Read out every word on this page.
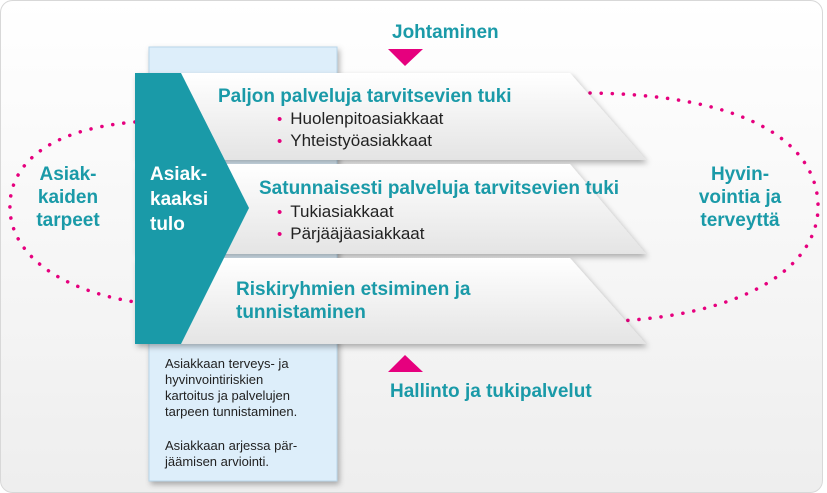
Johtaminen
Hallinto ja tukipalvelut
Asiak-
kaiden
tarpeet
Hyvin-
vointia ja
terveyttä
Asiak-
kaaksi
tulo
Paljon palveluja tarvitsevien tuki
• Huolenpitoasiakkaat
• Yhteistyöasiakkaat
Satunnaisesti palveluja tarvitsevien tuki
• Tukiasiakkaat
• Pärjääjäasiakkaat
Riskiryhmien etsiminen ja
tunnistaminen
Asiakkaan terveys- ja
hyvinvointiriskien
kartoitus ja palvelujen
tarpeen tunnistaminen.
Asiakkaan arjessa pär-
jäämisen arviointi.
